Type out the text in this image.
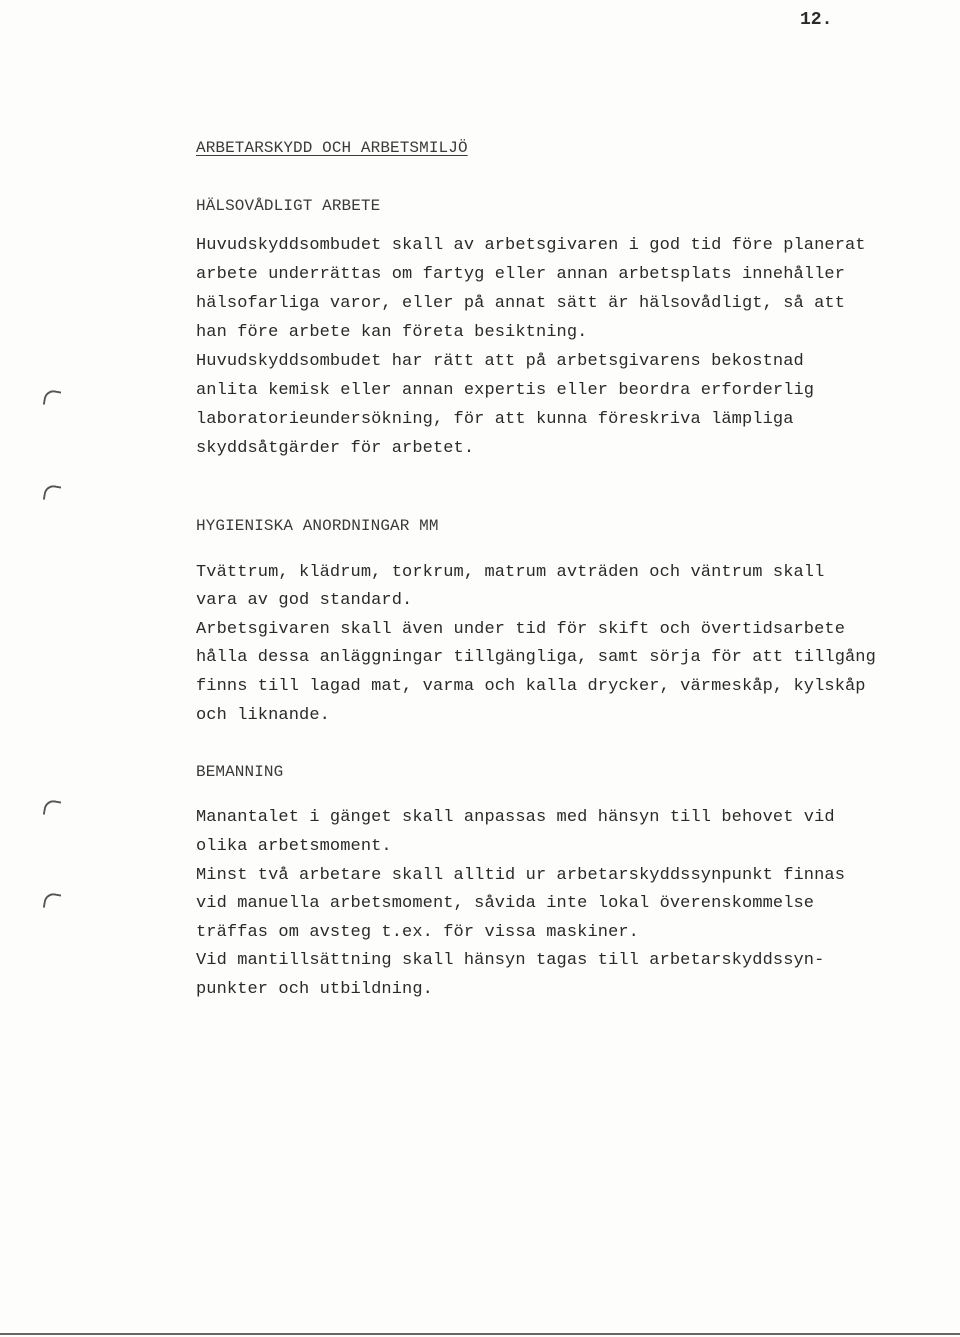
12.
ARBETARSKYDD OCH ARBETSMILJÖ
HÄLSOVÅDLIGT ARBETE
Huvudskyddsombudet skall av arbetsgivaren i god tid före planerat
arbete underrättas om fartyg eller annan arbetsplats innehåller
hälsofarliga varor, eller på annat sätt är hälsovådligt, så att
han före arbete kan företa besiktning.
Huvudskyddsombudet har rätt att på arbetsgivarens bekostnad
anlita kemisk eller annan expertis eller beordra erforderlig
laboratorieundersökning, för att kunna föreskriva lämpliga
skyddsåtgärder för arbetet.
HYGIENISKA ANORDNINGAR MM
Tvättrum, klädrum, torkrum, matrum avträden och väntrum skall
vara av god standard.
Arbetsgivaren skall även under tid för skift och övertidsarbete
hålla dessa anläggningar tillgängliga, samt sörja för att tillgång
finns till lagad mat, varma och kalla drycker, värmeskåp, kylskåp
och liknande.
BEMANNING
Manantalet i gänget skall anpassas med hänsyn till behovet vid
olika arbetsmoment.
Minst två arbetare skall alltid ur arbetarskyddssynpunkt finnas
vid manuella arbetsmoment, såvida inte lokal överenskommelse
träffas om avsteg t.ex. för vissa maskiner.
Vid mantillsättning skall hänsyn tagas till arbetarskyddssyn-
punkter och utbildning.
